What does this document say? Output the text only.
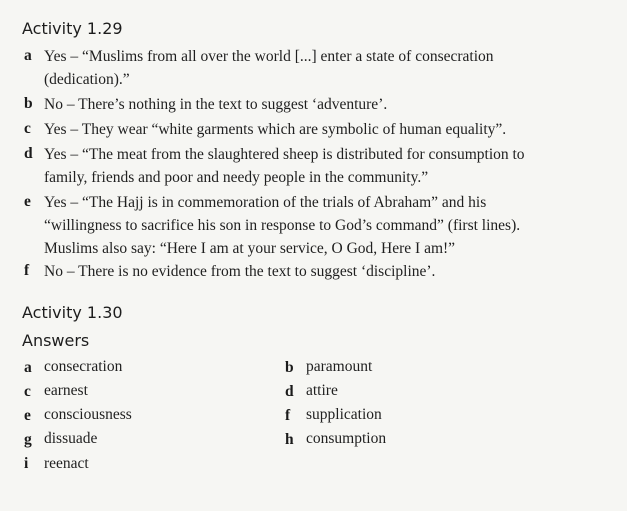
Activity 1.29
a Yes – “Muslims from all over the world [...] enter a state of consecration
(dedication).”
b No – There’s nothing in the text to suggest ‘adventure’.
c Yes – They wear “white garments which are symbolic of human equality”.
d Yes – “The meat from the slaughtered sheep is distributed for consumption to
family, friends and poor and needy people in the community.”
e Yes – “The Hajj is in commemoration of the trials of Abraham” and his
“willingness to sacrifice his son in response to God’s command” (first lines).
Muslims also say: “Here I am at your service, O God, Here I am!”
f No – There is no evidence from the text to suggest ‘discipline’.
Activity 1.30
Answers
a consecration	b paramount
c earnest	d attire
e consciousness	f supplication
g dissuade	h consumption
i reenact
